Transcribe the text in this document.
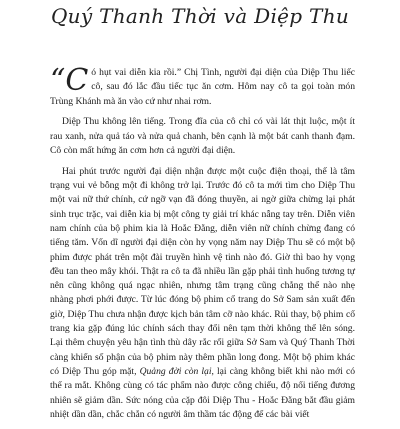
Quý Thanh Thời và Diệp Thu

“Có hụt vai diễn kia rồi.” Chị Tình, người đại diện của Diệp Thu liếc cô, sau đó lắc đầu tiếc tục ăn cơm. Hôm nay cô ta gọi toàn món Trùng Khánh mà ăn vào cứ như nhai rơm.

Diệp Thu không lên tiếng. Trong đĩa của cô chỉ có vài lát thịt luộc, một ít rau xanh, nửa quả táo và nửa quả chanh, bên cạnh là một bát canh thanh đạm. Cô còn mất hứng ăn cơm hơn cả người đại diện.

Hai phút trước người đại diện nhận được một cuộc điện thoại, thế là tâm trạng vui vẻ bỗng một đi không trở lại. Trước đó cô ta mới tìm cho Diệp Thu một vai nữ thứ chính, cứ ngỡ vạn đã đóng thuyền, ai ngờ giữa chừng lại phát sinh trục trặc, vai diễn kia bị một công ty giải trí khác nẫng tay trên. Diễn viên nam chính của bộ phim kia là Hoắc Đằng, diễn viên nữ chính chừng đang có tiếng tăm. Vốn dĩ người đại diện còn hy vọng năm nay Diệp Thu sẽ có một bộ phim được phát trên một đài truyền hình vệ tinh nào đó. Giờ thì bao hy vọng đều tan theo mây khói. Thật ra cô ta đã nhiều lần gặp phải tình huống tương tự nên cũng không quá ngạc nhiên, nhưng tâm trạng cũng chẳng thể nào nhẹ nhàng phơi phới được. Từ lúc đóng bộ phim cổ trang do Sở Sam sản xuất đến giờ, Diệp Thu chưa nhận được kịch bản tâm cỡ nào khác. Rủi thay, bộ phim cổ trang kia gặp đúng lúc chính sách thay đổi nên tạm thời không thể lên sóng. Lại thêm chuyện yêu hận tình thù dây rắc rối giữa Sở Sam và Quý Thanh Thời càng khiến số phận của bộ phim này thêm phần long đong. Một bộ phim khác có Diệp Thu góp mặt, Quảng đời còn lại, lại càng không biết khi nào mới có thể ra mắt. Không cùng có tác phẩm nào được công chiếu, độ nổi tiếng đương nhiên sẽ giảm dần. Sức nóng của cặp đôi Diệp Thu - Hoắc Đằng bắt đầu giảm nhiệt dần dần, chắc chắn có người âm thầm tác động để các bài viết
